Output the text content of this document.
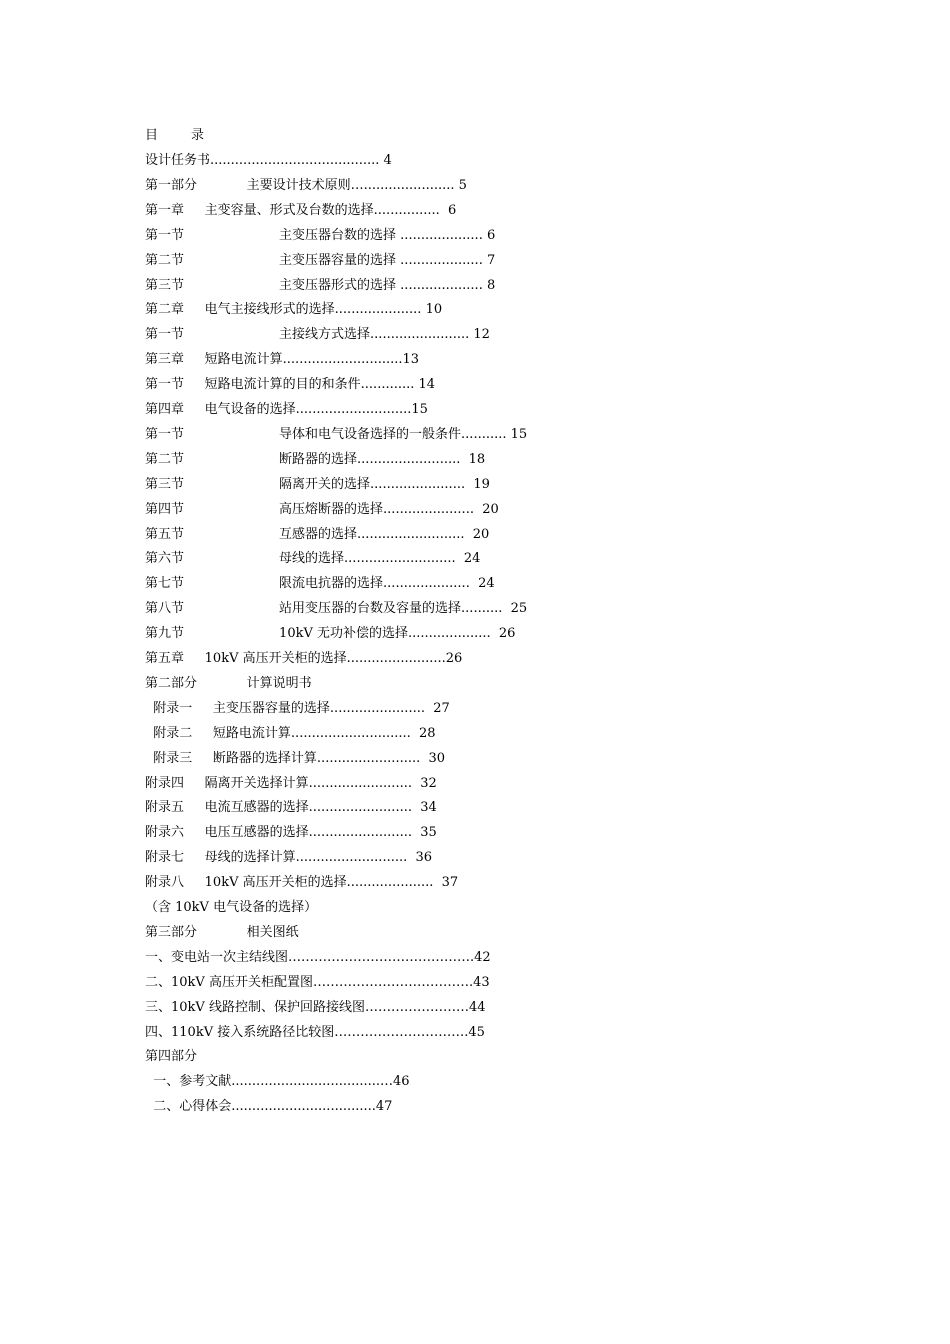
目        录
设计任务书......................................... 4
第一部分            主要设计技术原则…...................... 5
第一章     主变容量、形式及台数的选择................  6
第一节                       主变压器台数的选择 .................... 6
第二节                       主变压器容量的选择 .................... 7
第三节                       主变压器形式的选择 .................... 8
第二章     电气主接线形式的选择..................... 10
第一节                       主接线方式选择........................ 12
第三章     短路电流计算.............................13
第一节     短路电流计算的目的和条件............. 14
第四章     电气设备的选择............................15
第一节                       导体和电气设备选择的一般条件........... 15
第二节                       断路器的选择.........................  18
第三节                       隔离开关的选择.......................  19
第四节                       高压熔断器的选择......................  20
第五节                       互感器的选择..........................  20
第六节                       母线的选择...........................  24
第七节                       限流电抗器的选择.....................  24
第八节                       站用变压器的台数及容量的选择..........  25
第九节                       10kV 无功补偿的选择....................  26
第五章     10kV 高压开关柜的选择........................26
第二部分            计算说明书
附录一     主变压器容量的选择.......................  27
附录二     短路电流计算.............................  28
附录三     断路器的选择计算.........................  30
附录四     隔离开关选择计算.........................  32
附录五     电流互感器的选择.........................  34
附录六     电压互感器的选择.........................  35
附录七     母线的选择计算...........................  36
附录八     10kV 高压开关柜的选择.....................  37
（含 10kV 电气设备的选择）
第三部分            相关图纸
一、变电站一次主结线图…………………………………….42
二、10kV 高压开关柜配置图……………………………….43
三、10kV 线路控制、保护回路接线图……………………44
四、110kV 接入系统路径比较图………………………….45
第四部分
一、参考文献....................................…46
二、心得体会...................................47
